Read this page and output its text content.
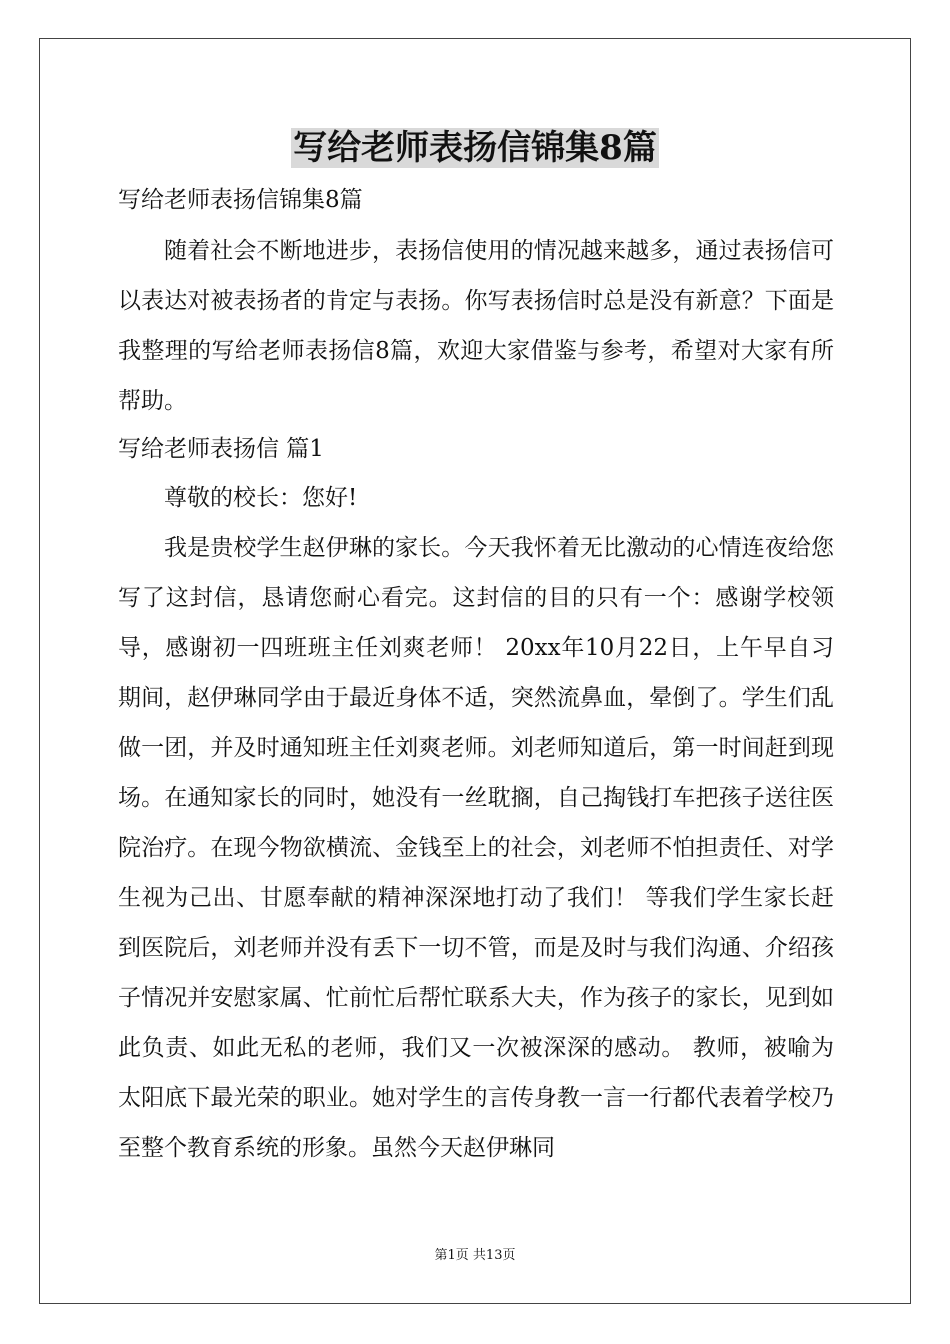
写给老师表扬信锦集8篇
写给老师表扬信锦集8篇

随着社会不断地进步，表扬信使用的情况越来越多，通过表扬信可以表达对被表扬者的肯定与表扬。你写表扬信时总是没有新意？下面是我整理的写给老师表扬信8篇，欢迎大家借鉴与参考，希望对大家有所帮助。

写给老师表扬信 篇1

尊敬的校长：您好!

我是贵校学生赵伊琳的家长。今天我怀着无比激动的心情连夜给您写了这封信，恳请您耐心看完。这封信的目的只有一个：感谢学校领导，感谢初一四班班主任刘爽老师！ 20xx年10月22日，上午早自习期间，赵伊琳同学由于最近身体不适，突然流鼻血，晕倒了。学生们乱做一团，并及时通知班主任刘爽老师。刘老师知道后，第一时间赶到现场。在通知家长的同时，她没有一丝耽搁，自己掏钱打车把孩子送往医院治疗。在现今物欲横流、金钱至上的社会，刘老师不怕担责任、对学生视为己出、甘愿奉献的精神深深地打动了我们！ 等我们学生家长赶到医院后，刘老师并没有丢下一切不管，而是及时与我们沟通、介绍孩子情况并安慰家属、忙前忙后帮忙联系大夫，作为孩子的家长，见到如此负责、如此无私的老师，我们又一次被深深的感动。 教师，被喻为太阳底下最光荣的职业。她对学生的言传身教一言一行都代表着学校乃至整个教育系统的形象。虽然今天赵伊琳同

第1页 共13页
